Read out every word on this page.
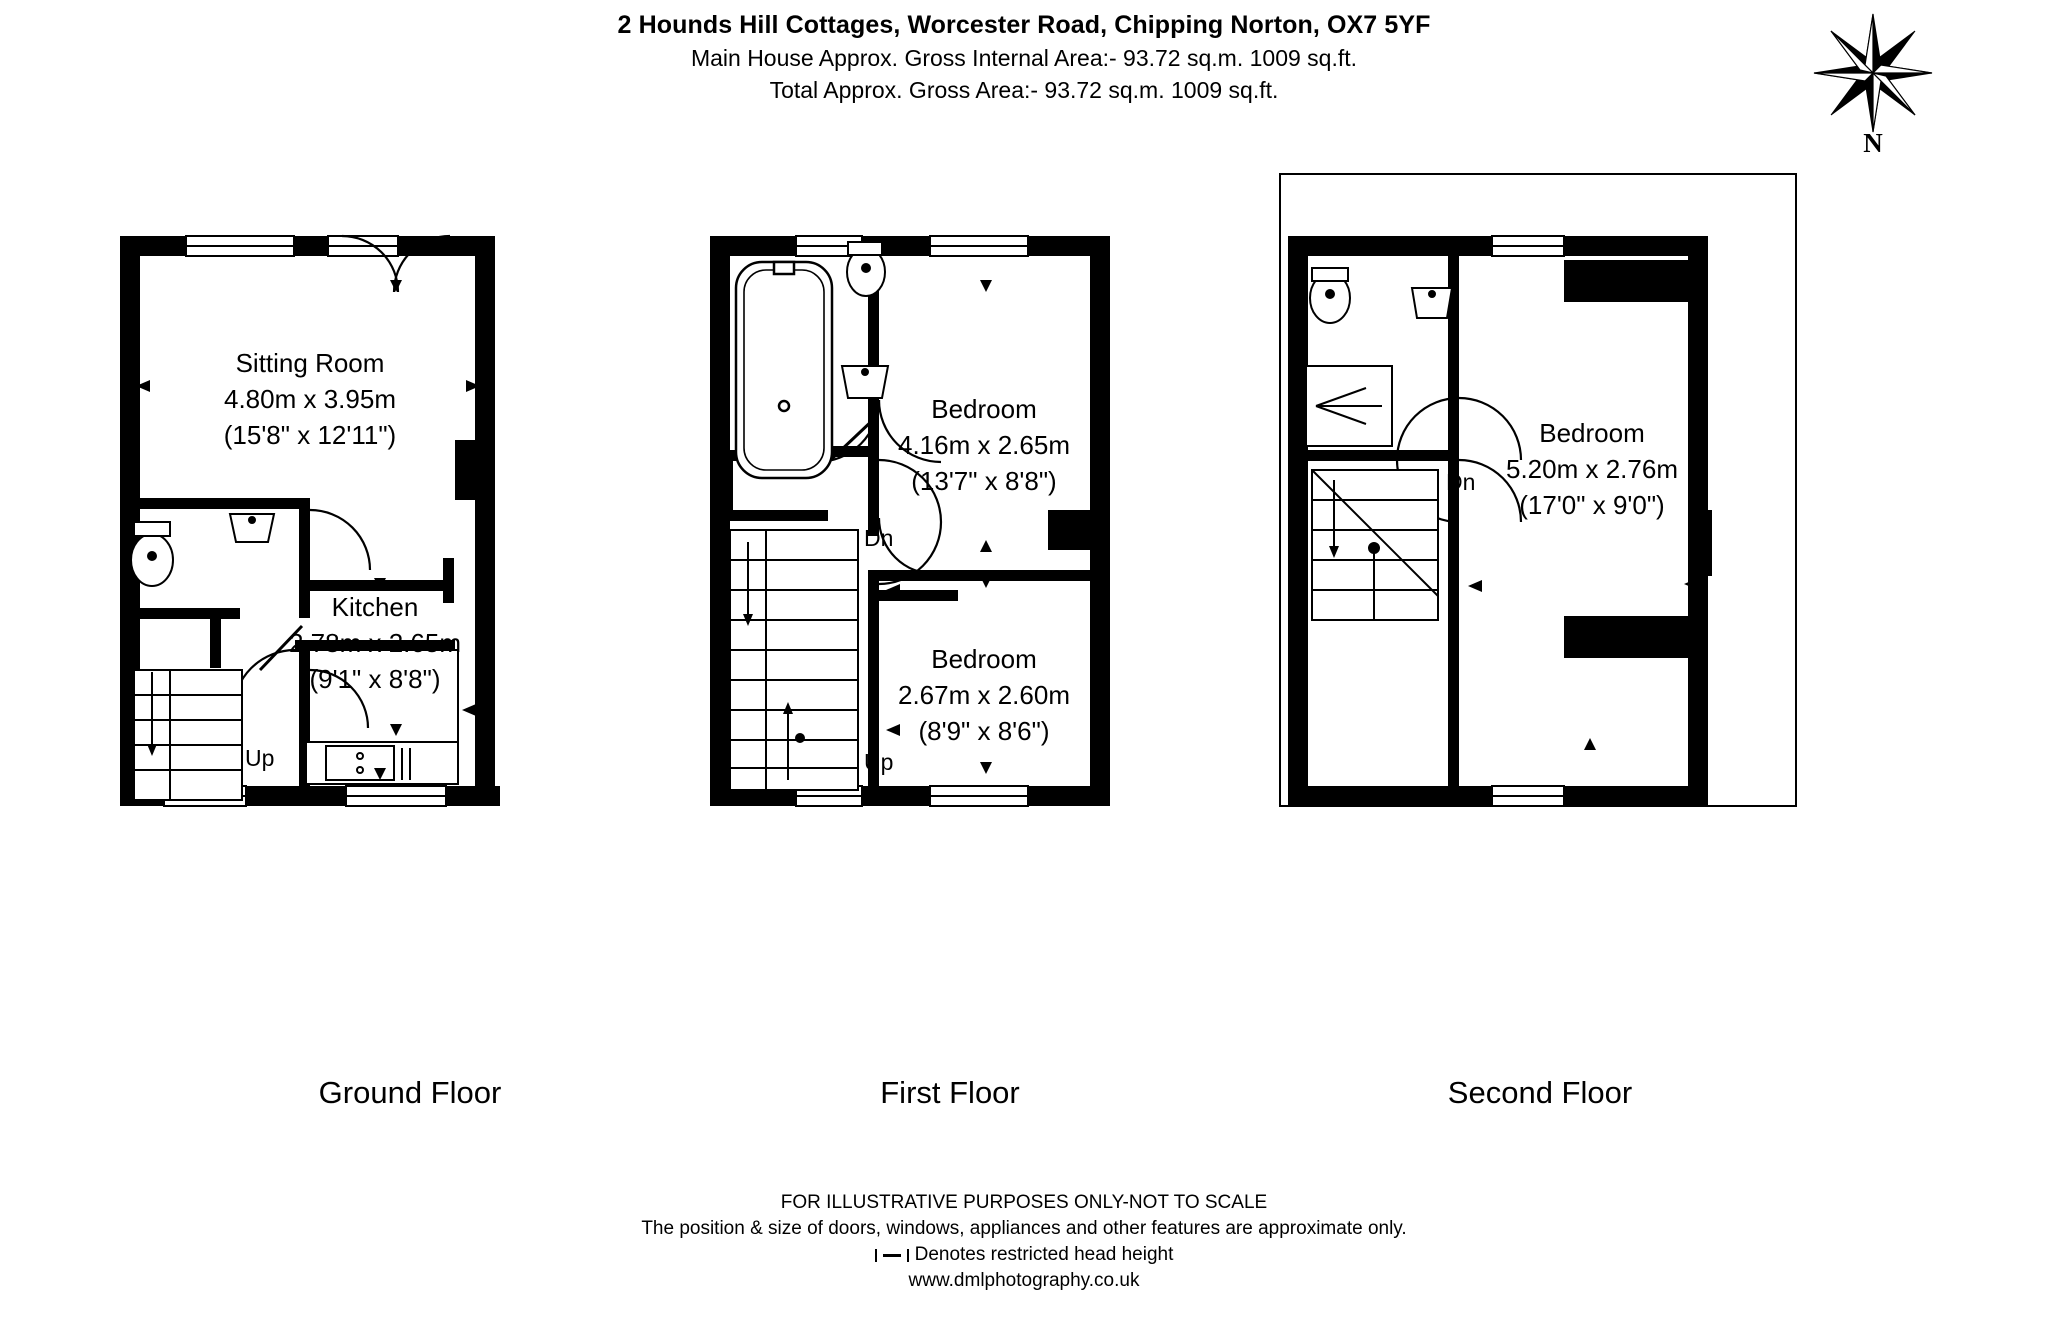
2 Hounds Hill Cottages, Worcester Road, Chipping Norton, OX7 5YF
Main House Approx. Gross Internal Area:- 93.72 sq.m. 1009 sq.ft.
Total Approx. Gross Area:- 93.72 sq.m. 1009 sq.ft.
N
Up
Sitting Room
4.80m x 3.95m
(15'8" x 12'11")
Kitchen
2.78m x 2.65m
(9'1" x 8'8")
Ground Floor
Dn
Up
Bedroom
4.16m x 2.65m
(13'7" x 8'8")
Bedroom
2.67m x 2.60m
(8'9" x 8'6")
First Floor
Dn
Bedroom
5.20m x 2.76m
(17'0" x 9'0")
Second Floor
FOR ILLUSTRATIVE PURPOSES ONLY-NOT TO SCALE
The position & size of doors, windows, appliances and other features are approximate only.
Denotes restricted head height
www.dmlphotography.co.uk
